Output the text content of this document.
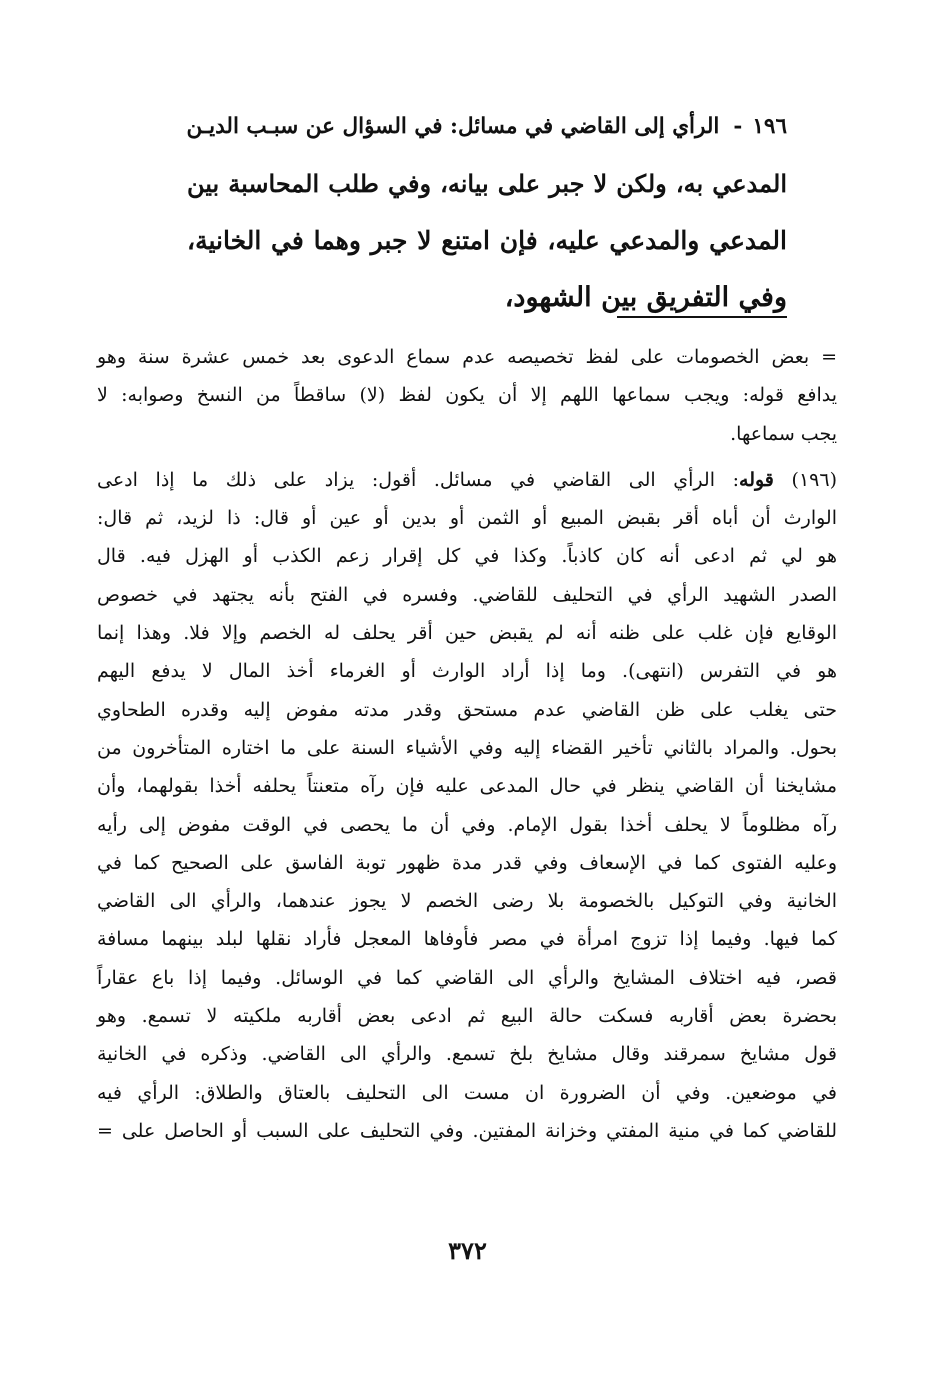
١٩٦-الرأي إلى القاضي في مسائل: في السؤال عن سبـب الديـن
المدعي به، ولكن لا جبر على بيانه، وفي طلب المحاسبة بين
المدعي والمدعي عليه، فإن امتنع لا جبر وهما في الخانية،
وفي التفريق بين الشهود،
= بعض الخصومات على لفظ تخصيصه عدم سماع الدعوى بعد خمس عشرة سنة وهو
يدافع قوله: ويجب سماعها اللهم إلا أن يكون لفظ (لا) ساقطاً من النسخ وصوابه: لا
يجب سماعها.
(١٩٦) قوله: الرأي الى القاضي في مسائل. أقول: يزاد على ذلك ما إذا ادعى
الوارث أن أباه أقر بقبض المبيع أو الثمن أو بدين أو عين أو قال: ذا لزيد، ثم قال:
هو لي ثم ادعى أنه كان كاذباً. وكذا في كل إقرار زعم الكذب أو الهزل فيه. قال
الصدر الشهيد الرأي في التحليف للقاضي. وفسره في الفتح بأنه يجتهد في خصوص
الوقايع فإن غلب على ظنه أنه لم يقبض حين أقر يحلف له الخصم وإلا فلا. وهذا إنما
هو في التفرس (انتهى). وما إذا أراد الوارث أو الغرماء أخذ المال لا يدفع اليهم
حتى يغلب على ظن القاضي عدم مستحق وقدر مدته مفوض إليه وقدره الطحاوي
بحول. والمراد بالثاني تأخير القضاء إليه وفي الأشياء السنة على ما اختاره المتأخرون من
مشايخنا أن القاضي ينظر في حال المدعى عليه فإن رآه متعنتاً يحلفه أخذا بقولهما، وأن
رآه مظلوماً لا يحلف أخذا بقول الإمام. وفي أن ما يحصى في الوقت مفوض إلى رأيه
وعليه الفتوى كما في الإسعاف وفي قدر مدة ظهور توبة الفاسق على الصحيح كما في
الخانية وفي التوكيل بالخصومة بلا رضى الخصم لا يجوز عندهما، والرأي الى القاضي
كما فيها. وفيما إذا تزوج امرأة في مصر فأوفاها المعجل فأراد نقلها لبلد بينهما مسافة
قصر، فيه اختلاف المشايخ والرأي الى القاضي كما في الوسائل. وفيما إذا باع عقاراً
بحضرة بعض أقاربه فسكت حالة البيع ثم ادعى بعض أقاربه ملكيته لا تسمع. وهو
قول مشايخ سمرقند وقال مشايخ بلخ تسمع. والرأي الى القاضي. وذكره في الخانية
في موضعين. وفي أن الضرورة ان مست الى التحليف بالعتاق والطلاق: الرأي فيه
للقاضي كما في منية المفتي وخزانة المفتين. وفي التحليف على السبب أو الحاصل على =
٣٧٢
